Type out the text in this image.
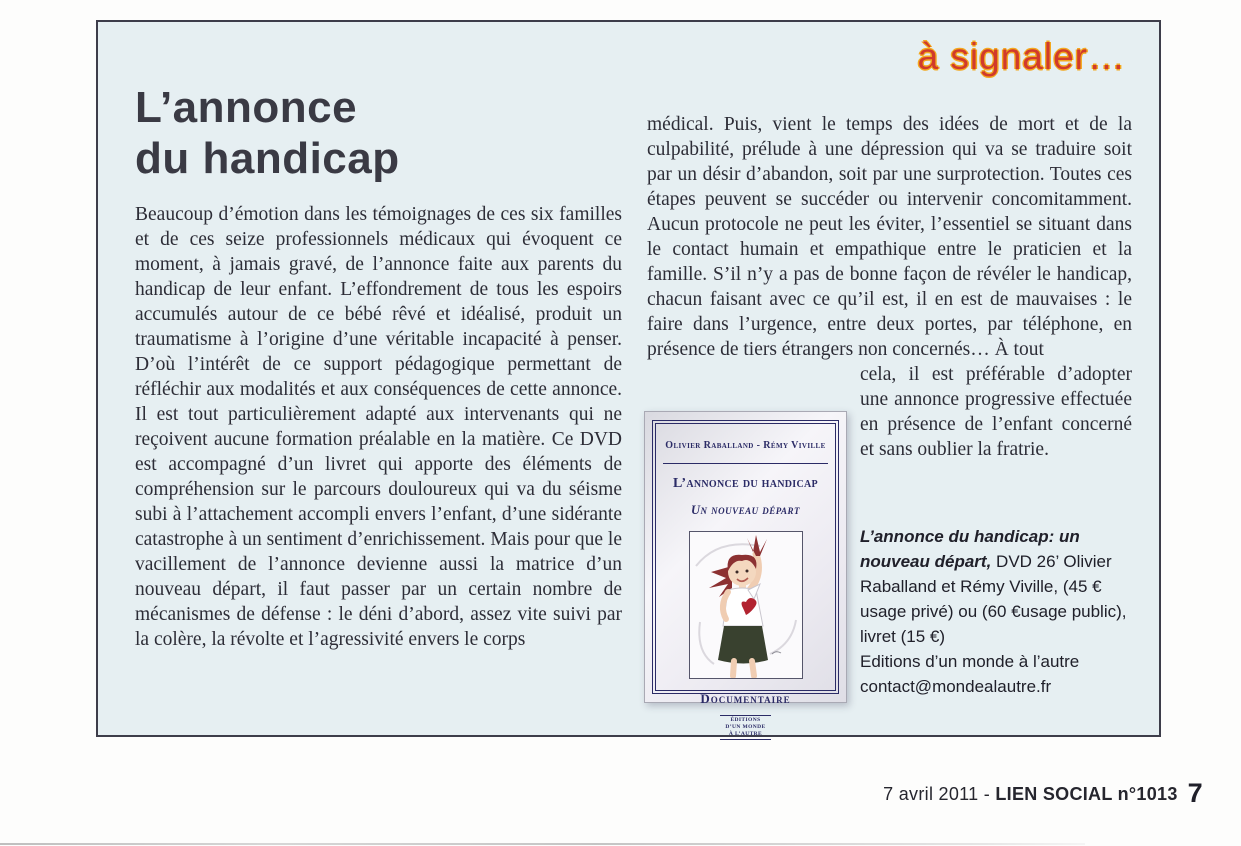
à signaler…
L’annonce
du handicap

Beaucoup d’émotion dans les témoignages de ces six familles et de ces seize professionnels médicaux qui évoquent ce moment, à jamais gravé, de l’annonce faite aux parents du handicap de leur enfant. L’effondrement de tous les espoirs accumulés autour de ce bébé rêvé et idéalisé, produit un traumatisme à l’origine d’une véritable incapacité à penser. D’où l’intérêt de ce support pédagogique permettant de réfléchir aux modalités et aux conséquences de cette annonce. Il est tout particulièrement adapté aux intervenants qui ne reçoivent aucune formation préalable en la matière. Ce DVD est accompagné d’un livret qui apporte des éléments de compréhension sur le parcours douloureux qui va du séisme subi à l’attachement accompli envers l’enfant, d’une sidérante catastrophe à un sentiment d’enrichissement. Mais pour que le vacillement de l’annonce devienne aussi la matrice d’un nouveau départ, il faut passer par un certain nombre de mécanismes de défense : le déni d’abord, assez vite suivi par la colère, la révolte et l’agressivité envers le corps

médical. Puis, vient le temps des idées de mort et de la culpabilité, prélude à une dépression qui va se traduire soit par un désir d’abandon, soit par une surprotection. Toutes ces étapes peuvent se succéder ou intervenir concomitamment. Aucun protocole ne peut les éviter, l’essentiel se situant dans le contact humain et empathique entre le praticien et la famille. S’il n’y a pas de bonne façon de révéler le handicap, chacun faisant avec ce qu’il est, il en est de mauvaises : le faire dans l’urgence, entre deux portes, par téléphone, en présence de tiers étrangers non concernés… À tout

Olivier Raballand - Rémy Viville
L’annonce du handicap
Un nouveau départ
Documentaire
ÉDITIONS
D’UN MONDE
À L’AUTRE

cela, il est préférable d’adopter une annonce progressive effectuée en présence de l’enfant concerné et sans oublier la fratrie.

L’annonce du handicap: un nouveau départ, DVD 26’ Olivier Raballand et Rémy Viville, (45 € usage privé) ou (60 €usage public), livret (15 €)

Editions d’un monde à l’autre

contact@mondealautre.fr

7 avril 2011 - LIEN SOCIAL n°1013 7
